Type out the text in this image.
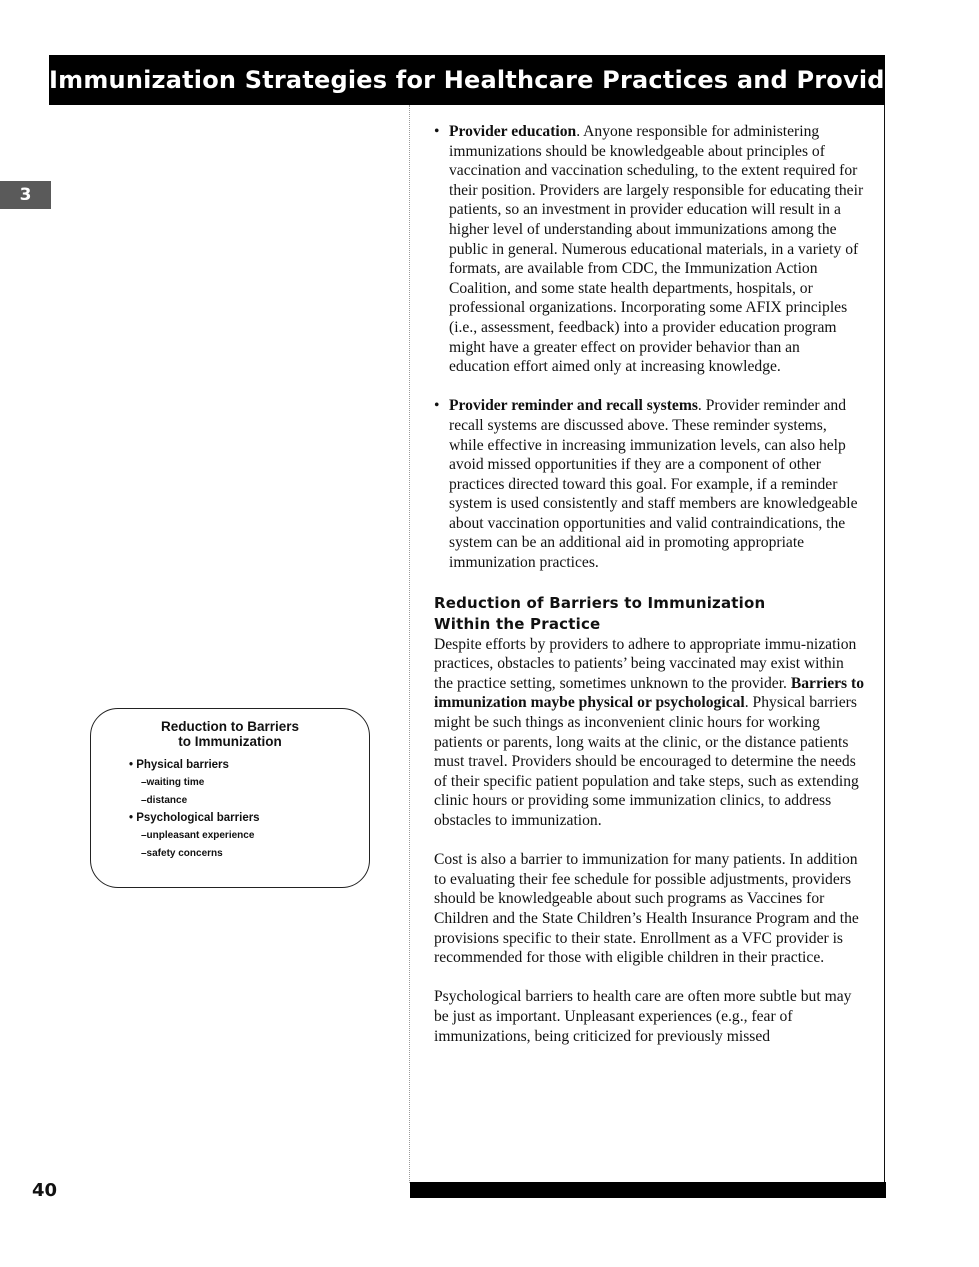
Immunization Strategies for Healthcare Practices and Providers
3
40
Reduction to Barriers
to Immunization
• Physical barriers
–waiting time
–distance
• Psychological barriers
–unpleasant experience
–safety concerns
• Provider education. Anyone responsible for administering immunizations should be knowledgeable about principles of vaccination and vaccination scheduling, to the extent required for their position. Providers are largely responsible for educating their patients, so an investment in provider education will result in a higher level of understanding about immunizations among the public in general. Numerous educational materials, in a variety of formats, are available from CDC, the Immunization Action Coalition, and some state health departments, hospitals, or professional organizations. Incorporating some AFIX principles (i.e., assessment, feedback) into a provider education program might have a greater effect on provider behavior than an education effort aimed only at increasing knowledge.
• Provider reminder and recall systems. Provider reminder and recall systems are discussed above. These reminder systems, while effective in increasing immunization levels, can also help avoid missed opportunities if they are a component of other practices directed toward this goal. For example, if a reminder system is used consistently and staff members are knowledgeable about vaccination opportunities and valid contraindications, the system can be an additional aid in promoting appropriate immunization practices.
Reduction of Barriers to Immunization
Within the Practice

Despite efforts by providers to adhere to appropriate immu-nization practices, obstacles to patients’ being vaccinated may exist within the practice setting, sometimes unknown to the provider. Barriers to immunization maybe physical or psychological. Physical barriers might be such things as inconvenient clinic hours for working patients or parents, long waits at the clinic, or the distance patients must travel. Providers should be encouraged to determine the needs of their specific patient population and take steps, such as extending clinic hours or providing some immunization clinics, to address obstacles to immunization.

Cost is also a barrier to immunization for many patients. In addition to evaluating their fee schedule for possible adjustments, providers should be knowledgeable about such programs as Vaccines for Children and the State Children’s Health Insurance Program and the provisions specific to their state. Enrollment as a VFC provider is recommended for those with eligible children in their practice.

Psychological barriers to health care are often more subtle but may be just as important. Unpleasant experiences (e.g., fear of immunizations, being criticized for previously missed
